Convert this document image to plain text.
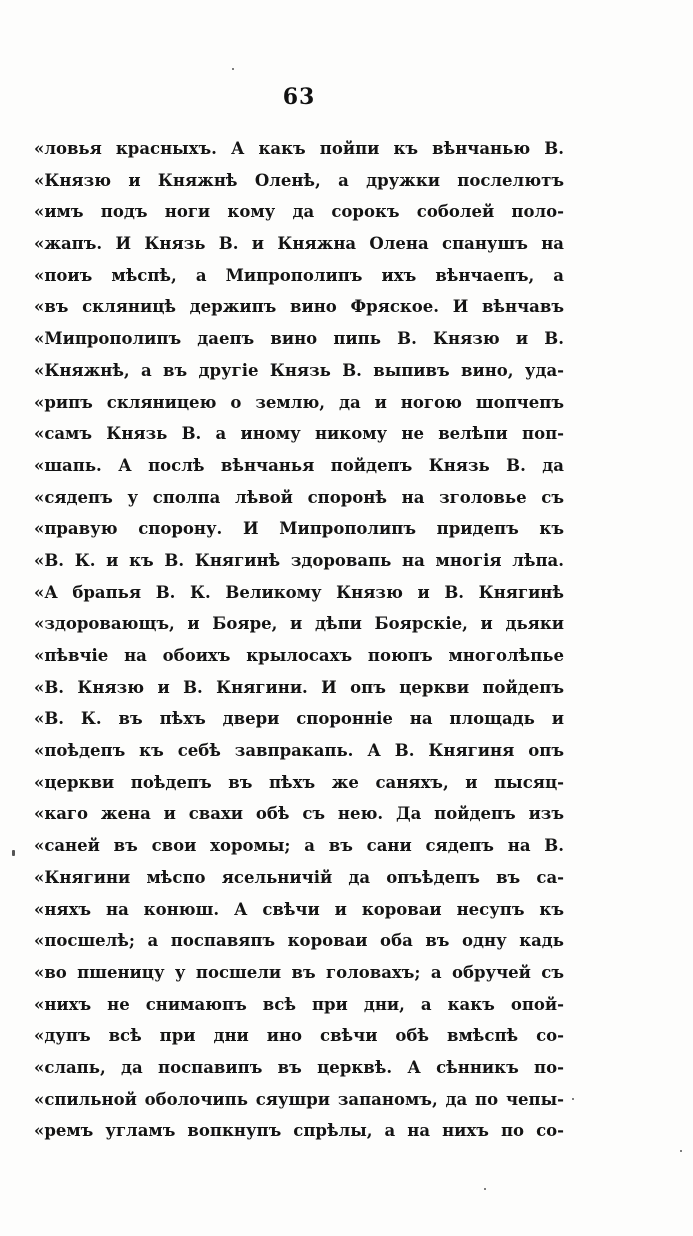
63
«ловья красныхъ. А какъ пойпи къ вѣнчанью В.
«Князю и Княжнѣ Оленѣ, а дружки послелютъ
«имъ подъ ноги кому да сорокъ соболей поло-
«жапъ. И Князь В. и Княжна Олена спанушъ на
«поиъ мѣспѣ, а Мипрополипъ ихъ вѣнчаепъ, а
«въ скляницѣ держипъ вино Фряское. И вѣнчавъ
«Мипрополипъ даепъ вино пипь В. Князю и В.
«Княжнѣ, а въ другіе Князь В. выпивъ вино, уда-
«рипъ скляницею о землю, да и ногою шопчепъ
«самъ Князь В. а иному никому не велѣпи поп-
«шапь. А послѣ вѣнчанья пойдепъ Князь В. да
«сядепъ у сполпа лѣвой споронѣ на зголовье съ
«правую спорону. И Мипрополипъ придепъ къ
«В. К. и къ В. Княгинѣ здоровапь на многія лѣпа.
«А брапья В. К. Великому Князю и В. Княгинѣ
«здоровающъ, и Бояре, и дѣпи Боярскіе, и дьяки
«пѣвчіе на обоихъ крылосахъ поюпъ многолѣпье
«В. Князю и В. Княгини. И опъ церкви пойдепъ
«В. К. въ пѣхъ двери споронніе на площадь и
«поѣдепъ къ себѣ завпракапь. А В. Княгиня опъ
«церкви поѣдепъ въ пѣхъ же саняхъ, и пысяц-
«каго жена и свахи обѣ съ нею. Да пойдепъ изъ
«саней въ свои хоромы; а въ сани сядепъ на В.
«Княгини мѣспо ясельничій да опъѣдепъ въ са-
«няхъ на конюш. А свѣчи и короваи несупъ къ
«посшелѣ; а поспавяпъ короваи оба въ одну кадь
«во пшеницу у посшели въ головахъ; а обручей съ
«нихъ не снимаюпъ всѣ при дни, а какъ опой-
«дупъ всѣ при дни ино свѣчи обѣ вмѣспѣ со-
«слапь, да поспавипъ въ церквѣ. А сѣнникъ по-
«спильной оболочипь сяушри запаномъ, да по чепы-
«ремъ угламъ вопкнупъ спрѣлы, а на нихъ по со-
